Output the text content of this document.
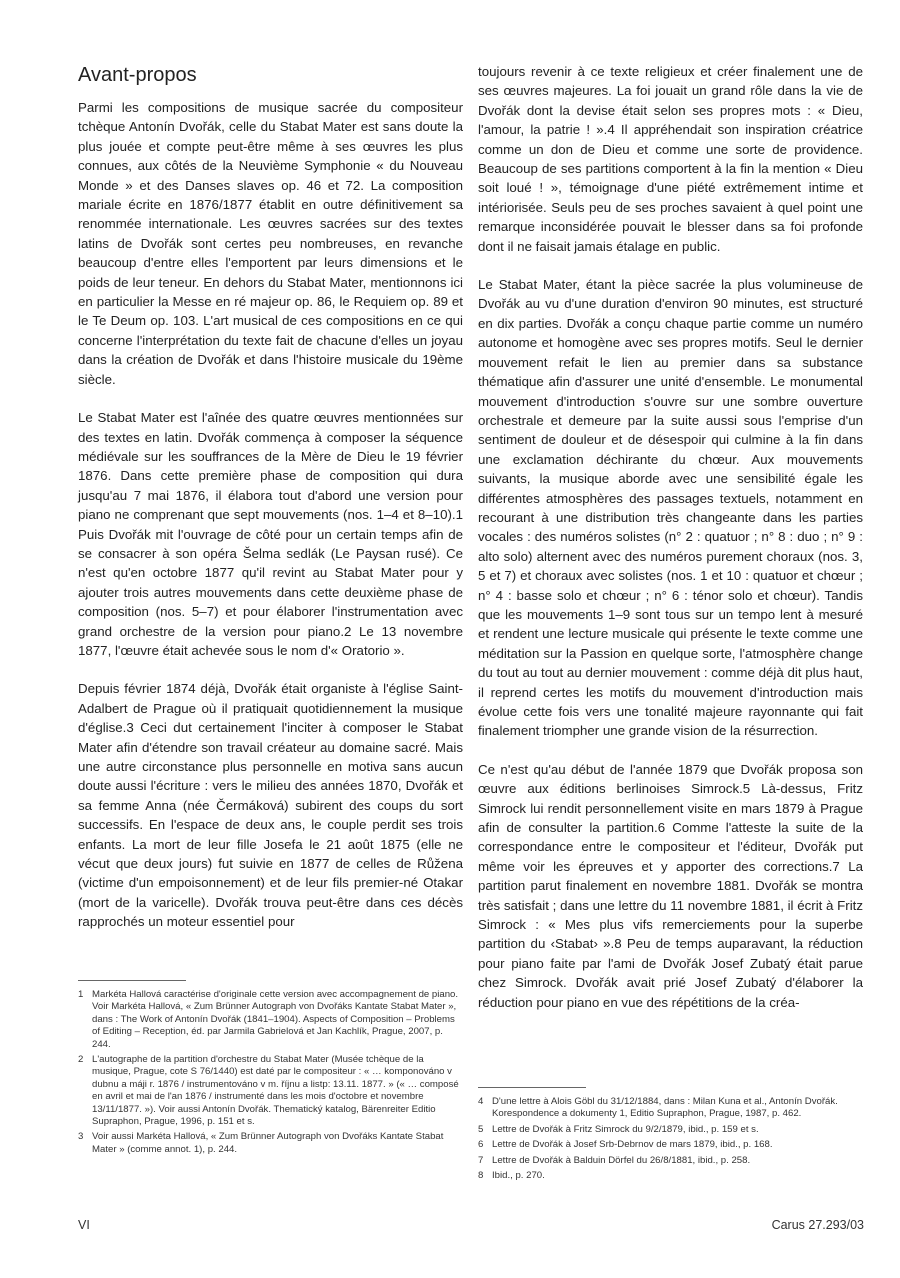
Avant-propos

Parmi les compositions de musique sacrée du compositeur tchèque Antonín Dvořák, celle du Stabat Mater est sans doute la plus jouée et compte peut-être même à ses œuvres les plus connues, aux côtés de la Neuvième Symphonie « du Nouveau Monde » et des Danses slaves op. 46 et 72. La composition mariale écrite en 1876/1877 établit en outre définitivement sa renommée internationale. Les œuvres sacrées sur des textes latins de Dvořák sont certes peu nombreuses, en revanche beaucoup d'entre elles l'emportent par leurs dimensions et le poids de leur teneur. En dehors du Stabat Mater, mentionnons ici en particulier la Messe en ré majeur op. 86, le Requiem op. 89 et le Te Deum op. 103. L'art musical de ces compositions en ce qui concerne l'interprétation du texte fait de chacune d'elles un joyau dans la création de Dvořák et dans l'histoire musicale du 19ème siècle.

Le Stabat Mater est l'aînée des quatre œuvres mentionnées sur des textes en latin. Dvořák commença à composer la séquence médiévale sur les souffrances de la Mère de Dieu le 19 février 1876. Dans cette première phase de composition qui dura jusqu'au 7 mai 1876, il élabora tout d'abord une version pour piano ne comprenant que sept mouvements (nos. 1–4 et 8–10).1 Puis Dvořák mit l'ouvrage de côté pour un certain temps afin de se consacrer à son opéra Šelma sedlák (Le Paysan rusé). Ce n'est qu'en octobre 1877 qu'il revint au Stabat Mater pour y ajouter trois autres mouvements dans cette deuxième phase de composition (nos. 5–7) et pour élaborer l'instrumentation avec grand orchestre de la version pour piano.2 Le 13 novembre 1877, l'œuvre était achevée sous le nom d'« Oratorio ».

Depuis février 1874 déjà, Dvořák était organiste à l'église Saint-Adalbert de Prague où il pratiquait quotidiennement la musique d'église.3 Ceci dut certainement l'inciter à composer le Stabat Mater afin d'étendre son travail créateur au domaine sacré. Mais une autre circonstance plus personnelle en motiva sans aucun doute aussi l'écriture : vers le milieu des années 1870, Dvořák et sa femme Anna (née Čermáková) subirent des coups du sort successifs. En l'espace de deux ans, le couple perdit ses trois enfants. La mort de leur fille Josefa le 21 août 1875 (elle ne vécut que deux jours) fut suivie en 1877 de celles de Růžena (victime d'un empoisonnement) et de leur fils premier-né Otakar (mort de la varicelle). Dvořák trouva peut-être dans ces décès rapprochés un moteur essentiel pour

1 Markéta Hallová caractérise d'originale cette version avec accompagnement de piano. Voir Markéta Hallová, « Zum Brünner Autograph von Dvořáks Kantate Stabat Mater », dans : The Work of Antonín Dvořák (1841–1904). Aspects of Composition – Problems of Editing – Reception, éd. par Jarmila Gabrielová et Jan Kachlík, Prague, 2007, p. 244.
2 L'autographe de la partition d'orchestre du Stabat Mater (Musée tchèque de la musique, Prague, cote S 76/1440) est daté par le compositeur : « … komponováno v dubnu a máji r. 1876 / instrumentováno v m. říjnu a listp: 13.11. 1877. » (« … composé en avril et mai de l'an 1876 / instrumenté dans les mois d'octobre et novembre 13/11/1877. »). Voir aussi Antonín Dvořák. Thematický katalog, Bärenreiter Editio Supraphon, Prague, 1996, p. 151 et s.
3 Voir aussi Markéta Hallová, « Zum Brünner Autograph von Dvořáks Kantate Stabat Mater » (comme annot. 1), p. 244.

toujours revenir à ce texte religieux et créer finalement une de ses œuvres majeures. La foi jouait un grand rôle dans la vie de Dvořák dont la devise était selon ses propres mots : « Dieu, l'amour, la patrie ! ».4 Il appréhendait son inspiration créatrice comme un don de Dieu et comme une sorte de providence. Beaucoup de ses partitions comportent à la fin la mention « Dieu soit loué ! », témoignage d'une piété extrêmement intime et intériorisée. Seuls peu de ses proches savaient à quel point une remarque inconsidérée pouvait le blesser dans sa foi profonde dont il ne faisait jamais étalage en public.

Le Stabat Mater, étant la pièce sacrée la plus volumineuse de Dvořák au vu d'une duration d'environ 90 minutes, est structuré en dix parties. Dvořák a conçu chaque partie comme un numéro autonome et homogène avec ses propres motifs. Seul le dernier mouvement refait le lien au premier dans sa substance thématique afin d'assurer une unité d'ensemble. Le monumental mouvement d'introduction s'ouvre sur une sombre ouverture orchestrale et demeure par la suite aussi sous l'emprise d'un sentiment de douleur et de désespoir qui culmine à la fin dans une exclamation déchirante du chœur. Aux mouvements suivants, la musique aborde avec une sensibilité égale les différentes atmosphères des passages textuels, notamment en recourant à une distribution très changeante dans les parties vocales : des numéros solistes (n° 2 : quatuor ; n° 8 : duo ; n° 9 : alto solo) alternent avec des numéros purement choraux (nos. 3, 5 et 7) et choraux avec solistes (nos. 1 et 10 : quatuor et chœur ; n° 4 : basse solo et chœur ; n° 6 : ténor solo et chœur). Tandis que les mouvements 1–9 sont tous sur un tempo lent à mesuré et rendent une lecture musicale qui présente le texte comme une méditation sur la Passion en quelque sorte, l'atmosphère change du tout au tout au dernier mouvement : comme déjà dit plus haut, il reprend certes les motifs du mouvement d'introduction mais évolue cette fois vers une tonalité majeure rayonnante qui fait finalement triompher une grande vision de la résurrection.

Ce n'est qu'au début de l'année 1879 que Dvořák proposa son œuvre aux éditions berlinoises Simrock.5 Là-dessus, Fritz Simrock lui rendit personnellement visite en mars 1879 à Prague afin de consulter la partition.6 Comme l'atteste la suite de la correspondance entre le compositeur et l'éditeur, Dvořák put même voir les épreuves et y apporter des corrections.7 La partition parut finalement en novembre 1881. Dvořák se montra très satisfait ; dans une lettre du 11 novembre 1881, il écrit à Fritz Simrock : « Mes plus vifs remerciements pour la superbe partition du ‹Stabat› ».8 Peu de temps auparavant, la réduction pour piano faite par l'ami de Dvořák Josef Zubatý était parue chez Simrock. Dvořák avait prié Josef Zubatý d'élaborer la réduction pour piano en vue des répétitions de la créa-

4 D'une lettre à Alois Göbl du 31/12/1884, dans : Milan Kuna et al., Antonín Dvořák. Korespondence a dokumenty 1, Editio Supraphon, Prague, 1987, p. 462.
5 Lettre de Dvořák à Fritz Simrock du 9/2/1879, ibid., p. 159 et s.
6 Lettre de Dvořák à Josef Srb-Debrnov de mars 1879, ibid., p. 168.
7 Lettre de Dvořák à Balduin Dörfel du 26/8/1881, ibid., p. 258.
8 Ibid., p. 270.
VI	Carus 27.293/03
